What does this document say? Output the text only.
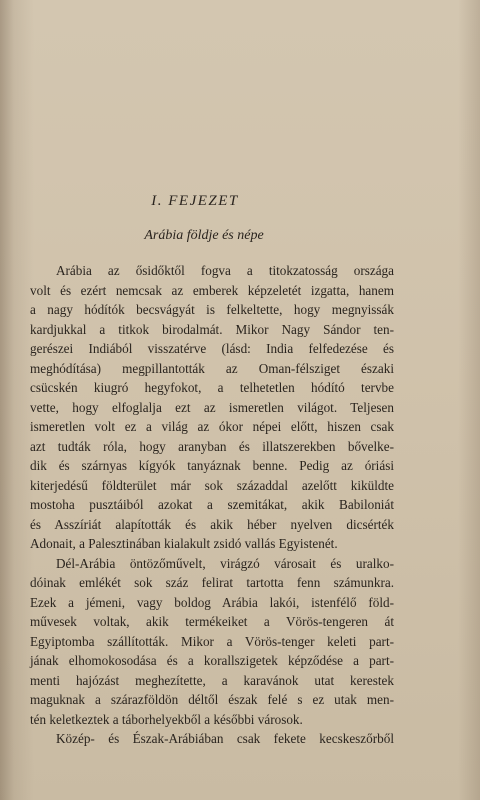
I. FEJEZET
Arábia földje és népe
Arábia az ősidőktől fogva a titokzatosság országa
volt és ezért nemcsak az emberek képzeletét izgatta, hanem
a nagy hódítók becsvágyát is felkeltette, hogy megnyissák
kardjukkal a titkok birodalmát. Mikor Nagy Sándor ten-
gerészei Indiából visszatérve (lásd: India felfedezése és
meghódítása) megpillantották az Oman-félsziget északi
csücskén kiugró hegyfokot, a telhetetlen hódító tervbe
vette, hogy elfoglalja ezt az ismeretlen világot. Teljesen
ismeretlen volt ez a világ az ókor népei előtt, hiszen csak
azt tudták róla, hogy aranyban és illatszerekben bővelke-
dik és szárnyas kígyók tanyáznak benne. Pedig az óriási
kiterjedésű földterület már sok századdal azelőtt kiküldte
mostoha pusztáiból azokat a szemitákat, akik Babiloniát
és Asszíriát alapították és akik héber nyelven dicsérték
Adonait, a Palesztinában kialakult zsidó vallás Egyistenét.
Dél-Arábia öntözőművelt, virágzó városait és uralko-
dóinak emlékét sok száz felirat tartotta fenn számunkra.
Ezek a jémeni, vagy boldog Arábia lakói, istenfélő föld-
művesek voltak, akik termékeiket a Vörös-tengeren át
Egyiptomba szállították. Mikor a Vörös-tenger keleti part-
jának elhomokosodása és a korallszigetek képződése a part-
menti hajózást meghezítette, a karavánok utat kerestek
maguknak a szárazföldön déltől észak felé s ez utak men-
tén keletkeztek a táborhelyekből a későbbi városok.
Közép- és Észak-Arábiában csak fekete kecskeszőrből
